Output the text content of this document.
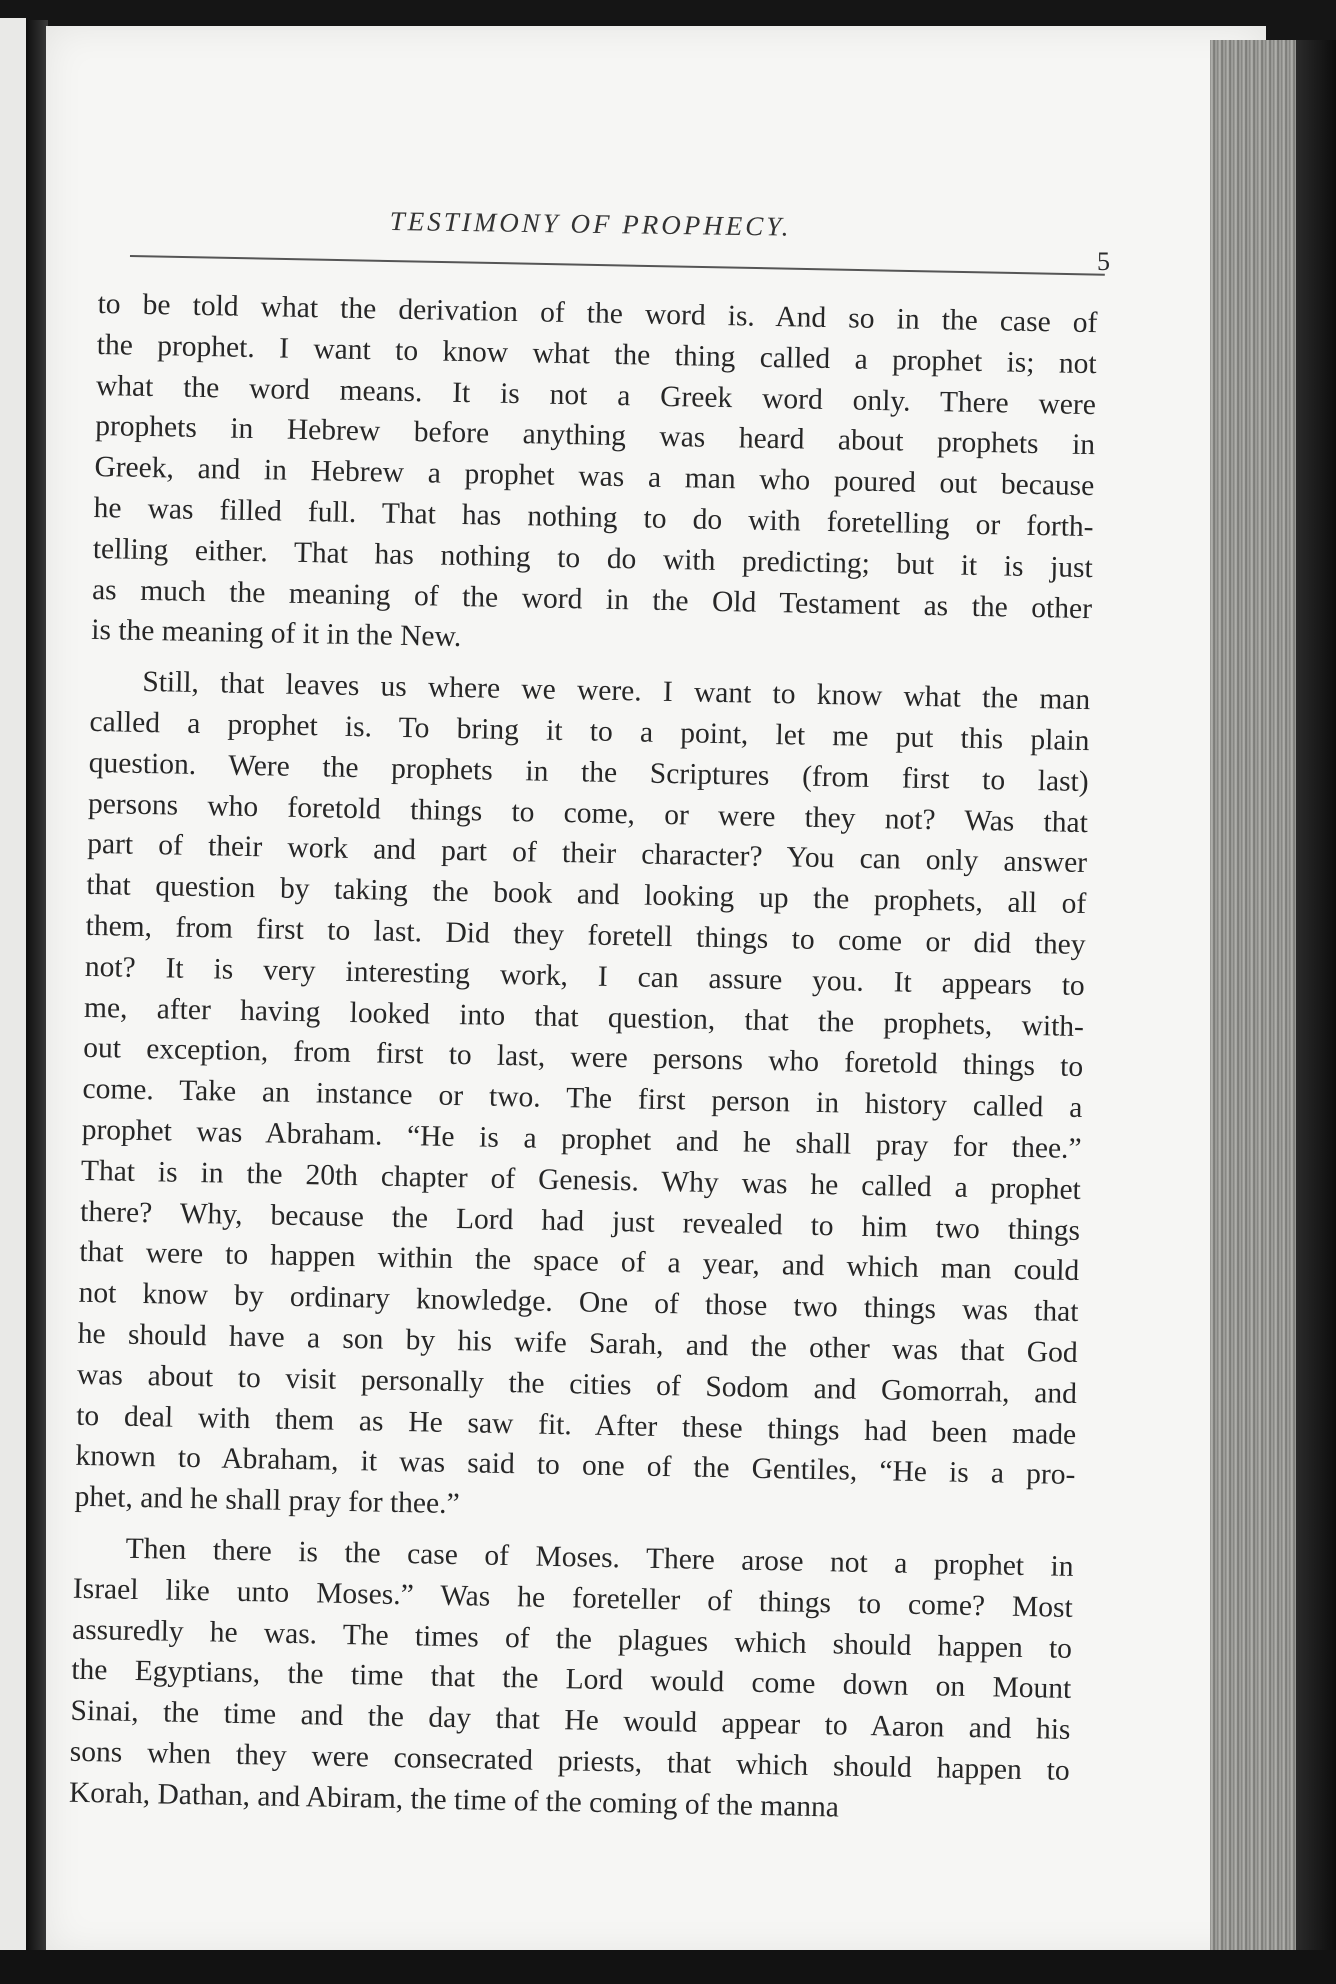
TESTIMONY OF PROPHECY.
5
to be told what the derivation of the word is. And so in the case of
the prophet. I want to know what the thing called a prophet is; not
what the word means. It is not a Greek word only. There were
prophets in Hebrew before anything was heard about prophets in
Greek, and in Hebrew a prophet was a man who poured out because
he was filled full. That has nothing to do with foretelling or forth-
telling either. That has nothing to do with predicting; but it is just
as much the meaning of the word in the Old Testament as the other
is the meaning of it in the New.
Still, that leaves us where we were. I want to know what the man
called a prophet is. To bring it to a point, let me put this plain
question. Were the prophets in the Scriptures (from first to last)
persons who foretold things to come, or were they not? Was that
part of their work and part of their character? You can only answer
that question by taking the book and looking up the prophets, all of
them, from first to last. Did they foretell things to come or did they
not? It is very interesting work, I can assure you. It appears to
me, after having looked into that question, that the prophets, with-
out exception, from first to last, were persons who foretold things to
come. Take an instance or two. The first person in history called a
prophet was Abraham. “He is a prophet and he shall pray for thee.”
That is in the 20th chapter of Genesis. Why was he called a prophet
there? Why, because the Lord had just revealed to him two things
that were to happen within the space of a year, and which man could
not know by ordinary knowledge. One of those two things was that
he should have a son by his wife Sarah, and the other was that God
was about to visit personally the cities of Sodom and Gomorrah, and
to deal with them as He saw fit. After these things had been made
known to Abraham, it was said to one of the Gentiles, “He is a pro-
phet, and he shall pray for thee.”
Then there is the case of Moses. There arose not a prophet in
Israel like unto Moses.” Was he foreteller of things to come? Most
assuredly he was. The times of the plagues which should happen to
the Egyptians, the time that the Lord would come down on Mount
Sinai, the time and the day that He would appear to Aaron and his
sons when they were consecrated priests, that which should happen to
Korah, Dathan, and Abiram, the time of the coming of the manna
